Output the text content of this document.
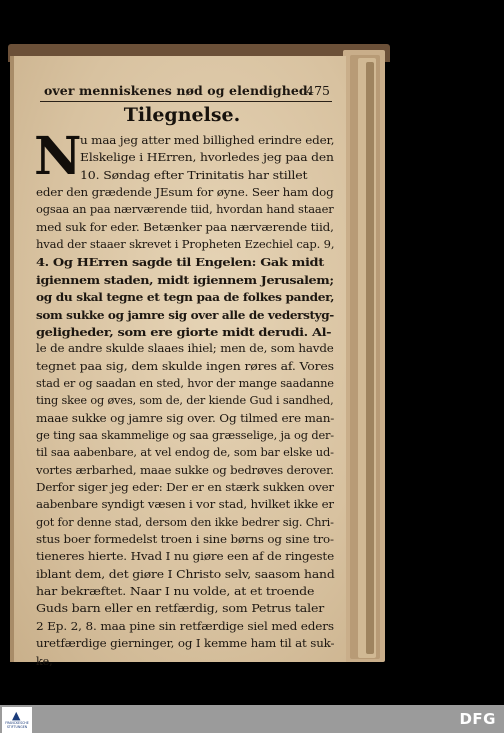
over menniskenes nød og elendighed.
475
Tilegnelse.
N
u maa jeg atter med billighed erindre eder,
Elskelige i HErren, hvorledes jeg paa den
10. Søndag efter Trinitatis har stillet
eder den grædende JEsum for øyne. Seer ham dog
ogsaa an paa nærværende tiid, hvordan hand staaer
med suk for eder. Betænker paa nærværende tiid,
hvad der staaer skrevet i Propheten Ezechiel cap. 9,
4. Og HErren sagde til Engelen: Gak midt
igiennem staden, midt igiennem Jerusalem;
og du skal tegne et tegn paa de folkes pander,
som sukke og jamre sig over alle de vederstyg-
geligheder, som ere giorte midt derudi. Al-
le de andre skulde slaaes ihiel; men de, som havde
tegnet paa sig, dem skulde ingen røres af. Vores
stad er og saadan en sted, hvor der mange saadanne
ting skee og øves, som de, der kiende Gud i sandhed,
maae sukke og jamre sig over. Og tilmed ere man-
ge ting saa skammelige og saa græsselige, ja og der-
til saa aabenbare, at vel endog de, som bar elske ud-
vortes ærbarhed, maae sukke og bedrøves derover.
Derfor siger jeg eder: Der er en stærk sukken over
aabenbare syndigt væsen i vor stad, hvilket ikke er
got for denne stad, dersom den ikke bedrer sig. Chri-
stus boer formedelst troen i sine børns og sine tro-
tieneres hierte. Hvad I nu giøre een af de ringeste
iblant dem, det giøre I Christo selv, saasom hand
har bekræftet. Naar I nu volde, at et troende
Guds barn eller en retfærdig, som Petrus taler
2 Ep. 2, 8. maa pine sin retfærdige siel med eders
uretfærdige gierninger, og I kemme ham til at suk-
ke,
▲
FRANCKESCHE STIFTUNGEN	DFG
